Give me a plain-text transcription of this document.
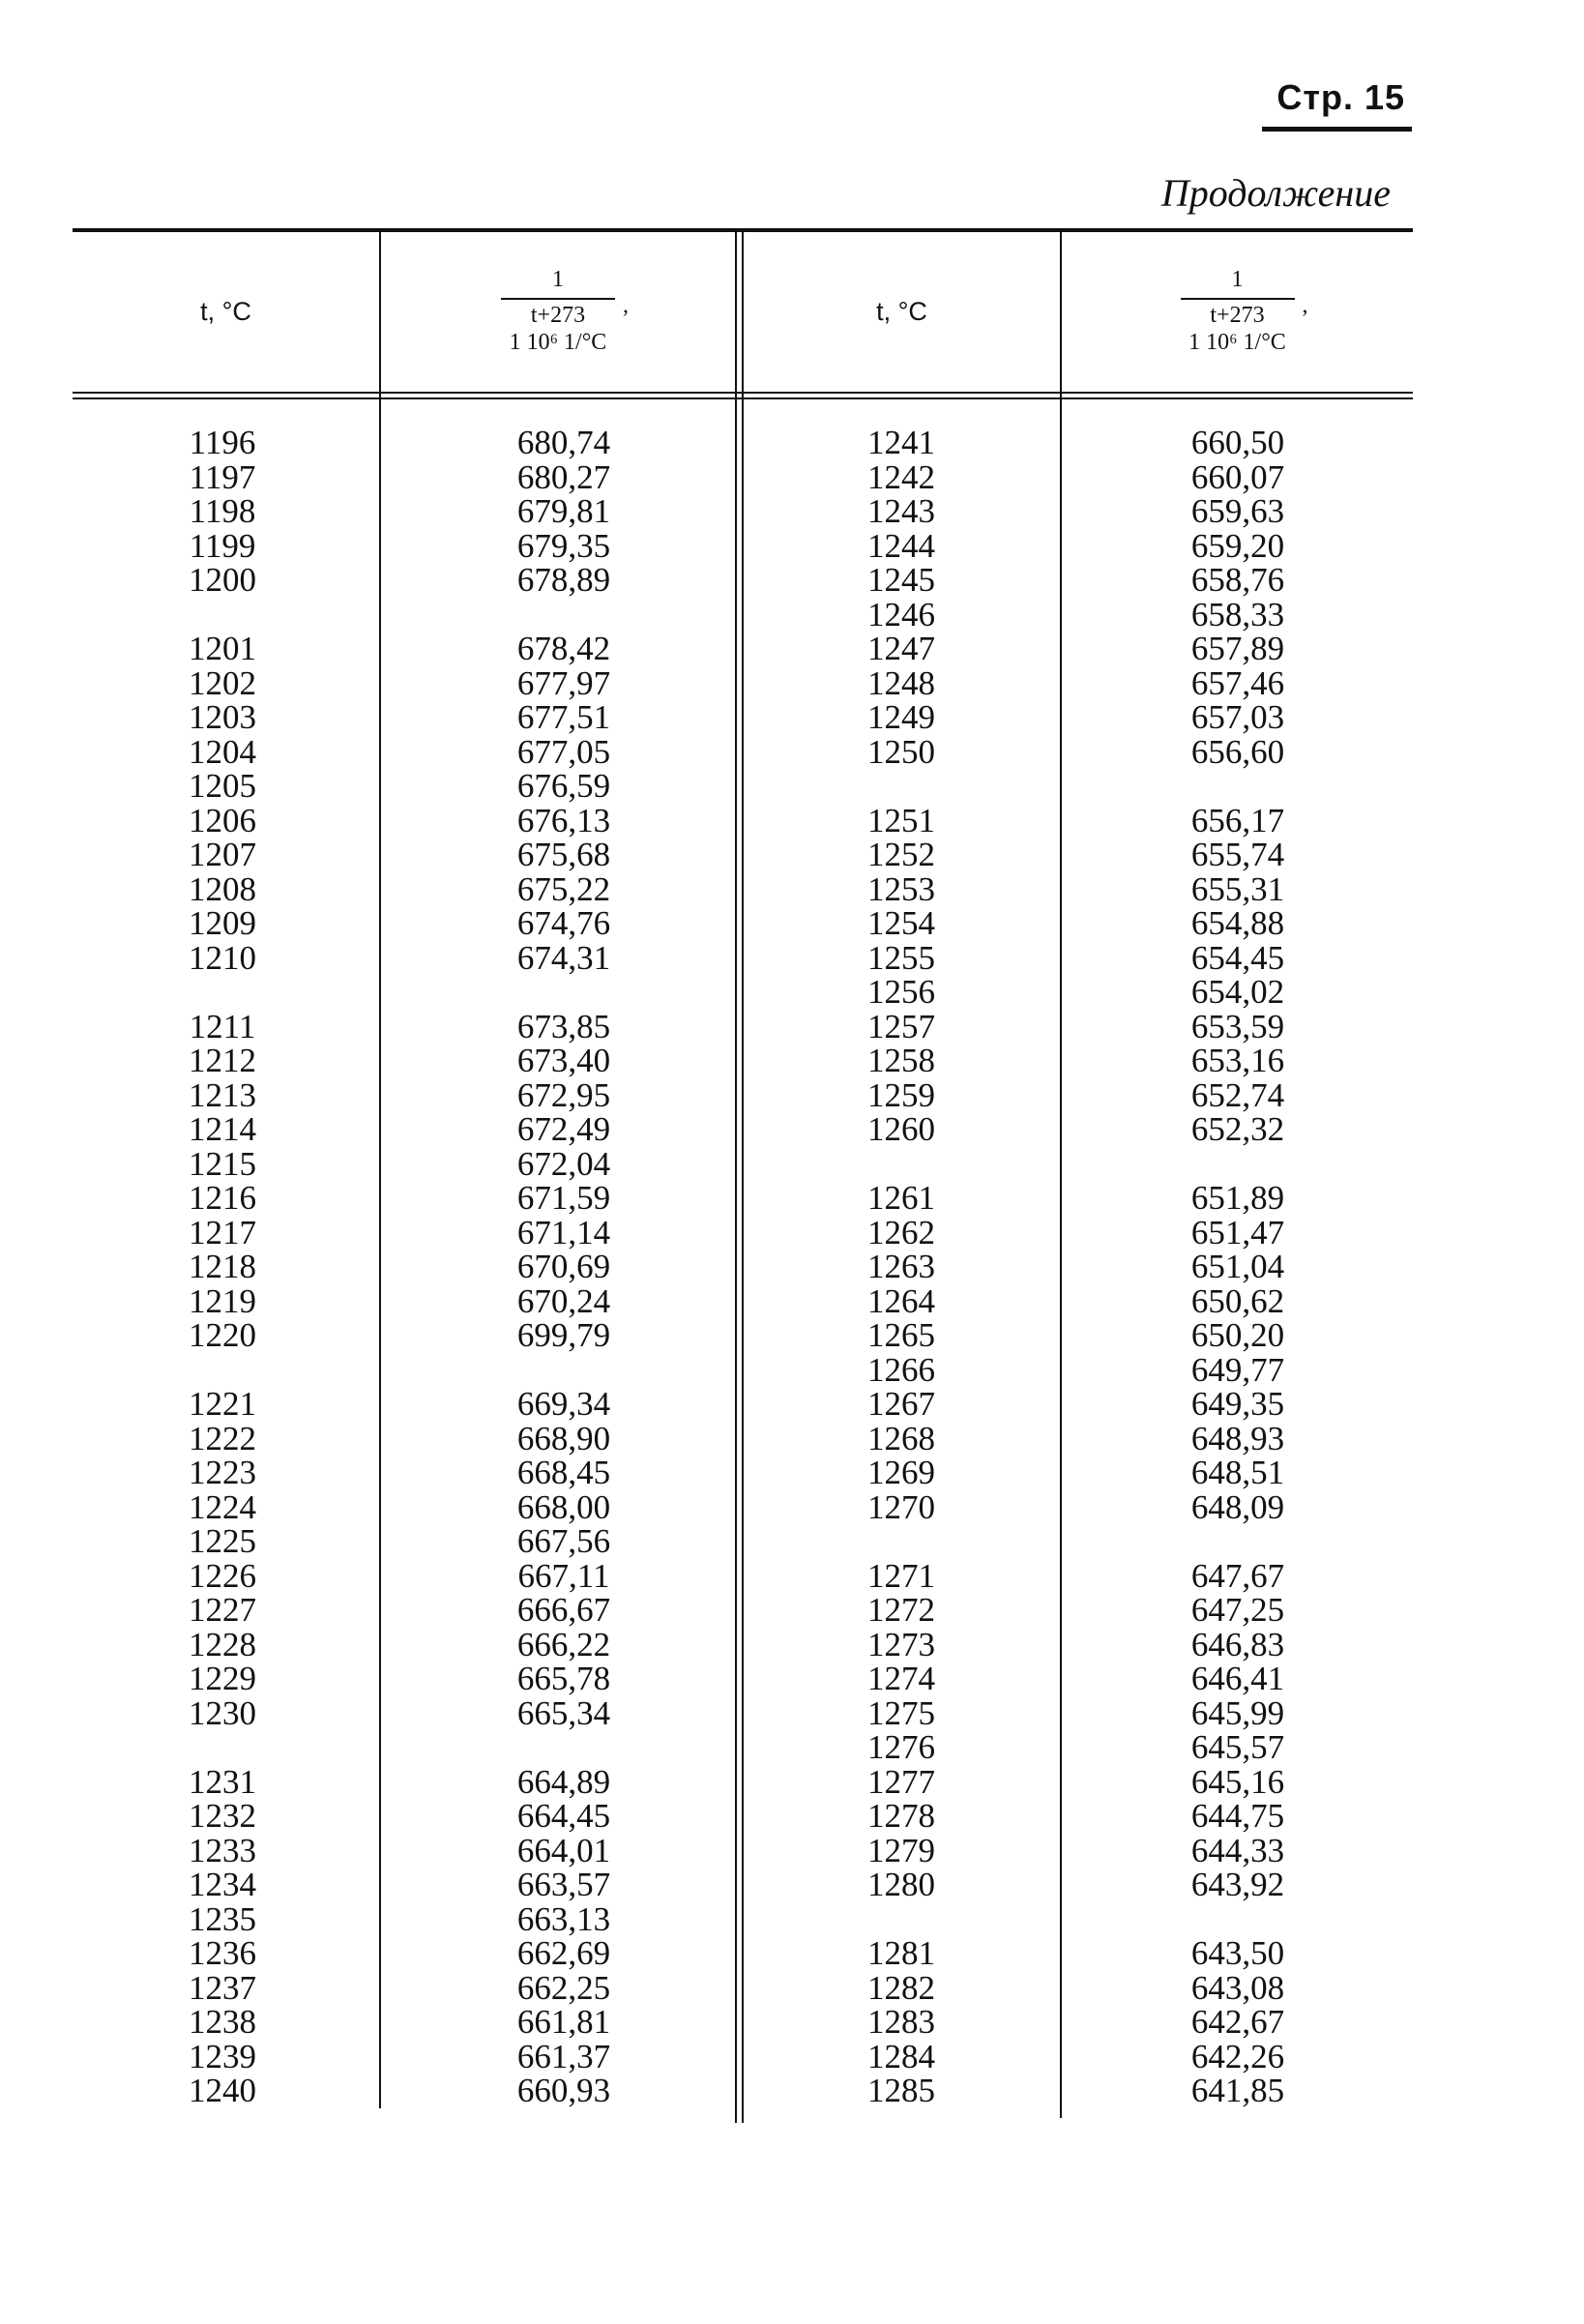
Стр. 15
Продолжение
t, °C
1
,
t+273
1 10⁶ 1/°C
t, °C
1
,
t+273
1 10⁶ 1/°C
1196
1197
1198
1199
1200
1201
1202
1203
1204
1205
1206
1207
1208
1209
1210
1211
1212
1213
1214
1215
1216
1217
1218
1219
1220
1221
1222
1223
1224
1225
1226
1227
1228
1229
1230
1231
1232
1233
1234
1235
1236
1237
1238
1239
1240
680,74
680,27
679,81
679,35
678,89
678,42
677,97
677,51
677,05
676,59
676,13
675,68
675,22
674,76
674,31
673,85
673,40
672,95
672,49
672,04
671,59
671,14
670,69
670,24
699,79
669,34
668,90
668,45
668,00
667,56
667,11
666,67
666,22
665,78
665,34
664,89
664,45
664,01
663,57
663,13
662,69
662,25
661,81
661,37
660,93
1241
1242
1243
1244
1245
1246
1247
1248
1249
1250
1251
1252
1253
1254
1255
1256
1257
1258
1259
1260
1261
1262
1263
1264
1265
1266
1267
1268
1269
1270
1271
1272
1273
1274
1275
1276
1277
1278
1279
1280
1281
1282
1283
1284
1285
660,50
660,07
659,63
659,20
658,76
658,33
657,89
657,46
657,03
656,60
656,17
655,74
655,31
654,88
654,45
654,02
653,59
653,16
652,74
652,32
651,89
651,47
651,04
650,62
650,20
649,77
649,35
648,93
648,51
648,09
647,67
647,25
646,83
646,41
645,99
645,57
645,16
644,75
644,33
643,92
643,50
643,08
642,67
642,26
641,85
